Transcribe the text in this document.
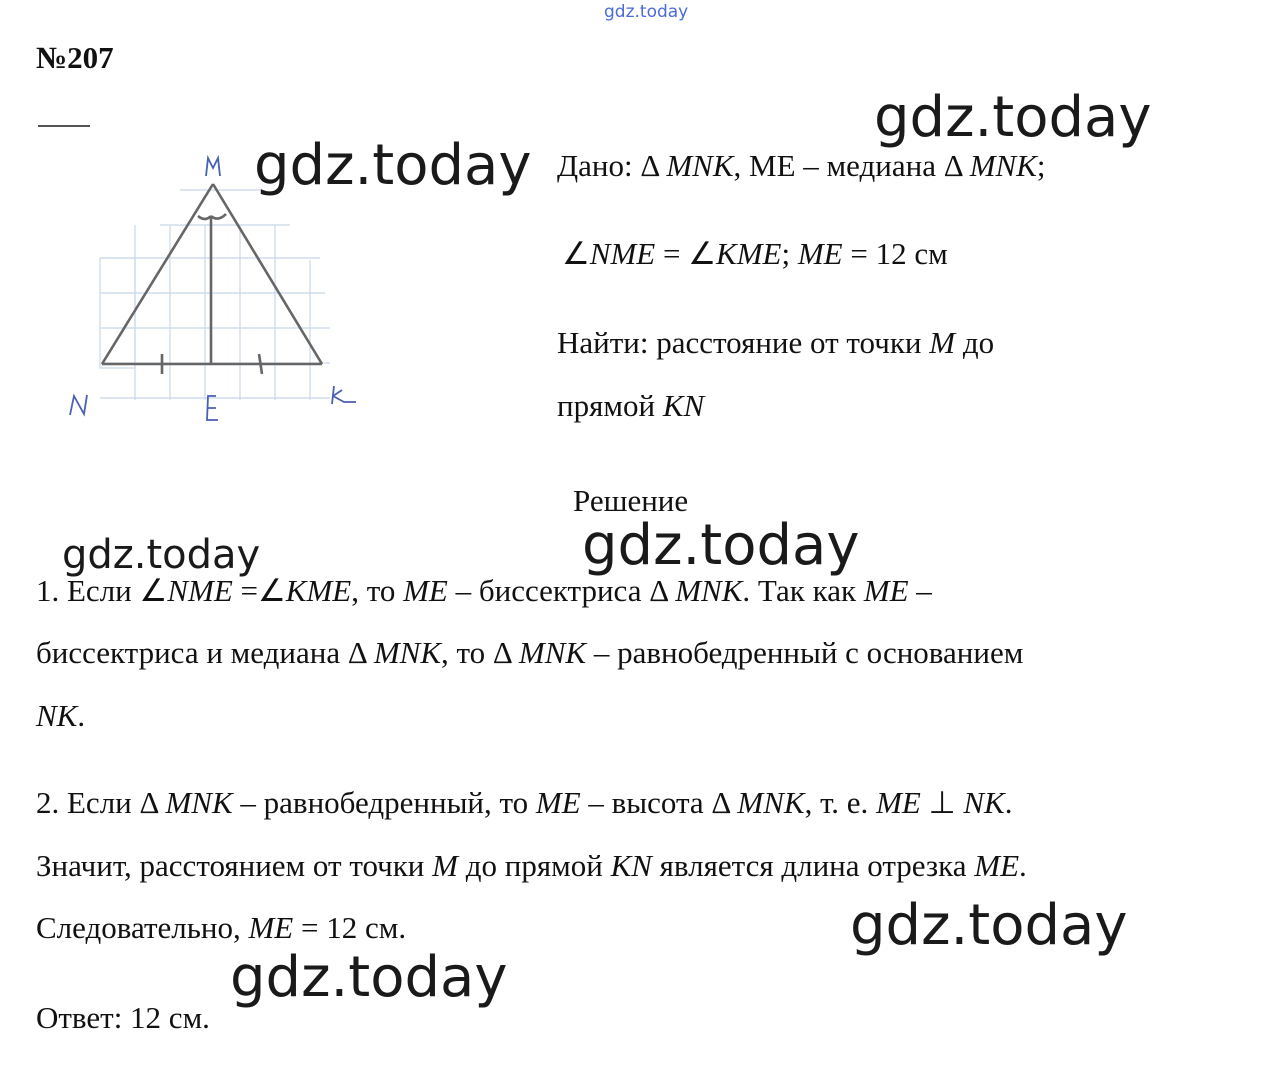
gdz.today
№207
Дано: Δ MNK, ME – медиана Δ MNK;
∠NME = ∠KME; ME = 12 см
Найти: расстояние от точки M до
прямой KN
Решение
1. Если ∠NME =∠KME, то ME – биссектриса Δ MNK. Так как ME –
биссектриса и медиана Δ MNK, то Δ MNK – равнобедренный с основанием
NK.
2. Если Δ MNK – равнобедренный, то ME – высота Δ MNK, т. е. ME ⊥ NK.
Значит, расстоянием от точки M до прямой KN является длина отрезка ME.
Следовательно, ME = 12 см.
Ответ: 12 см.
gdz.today
gdz.today
gdz.today	gdz.today
gdz.today
gdz.today
